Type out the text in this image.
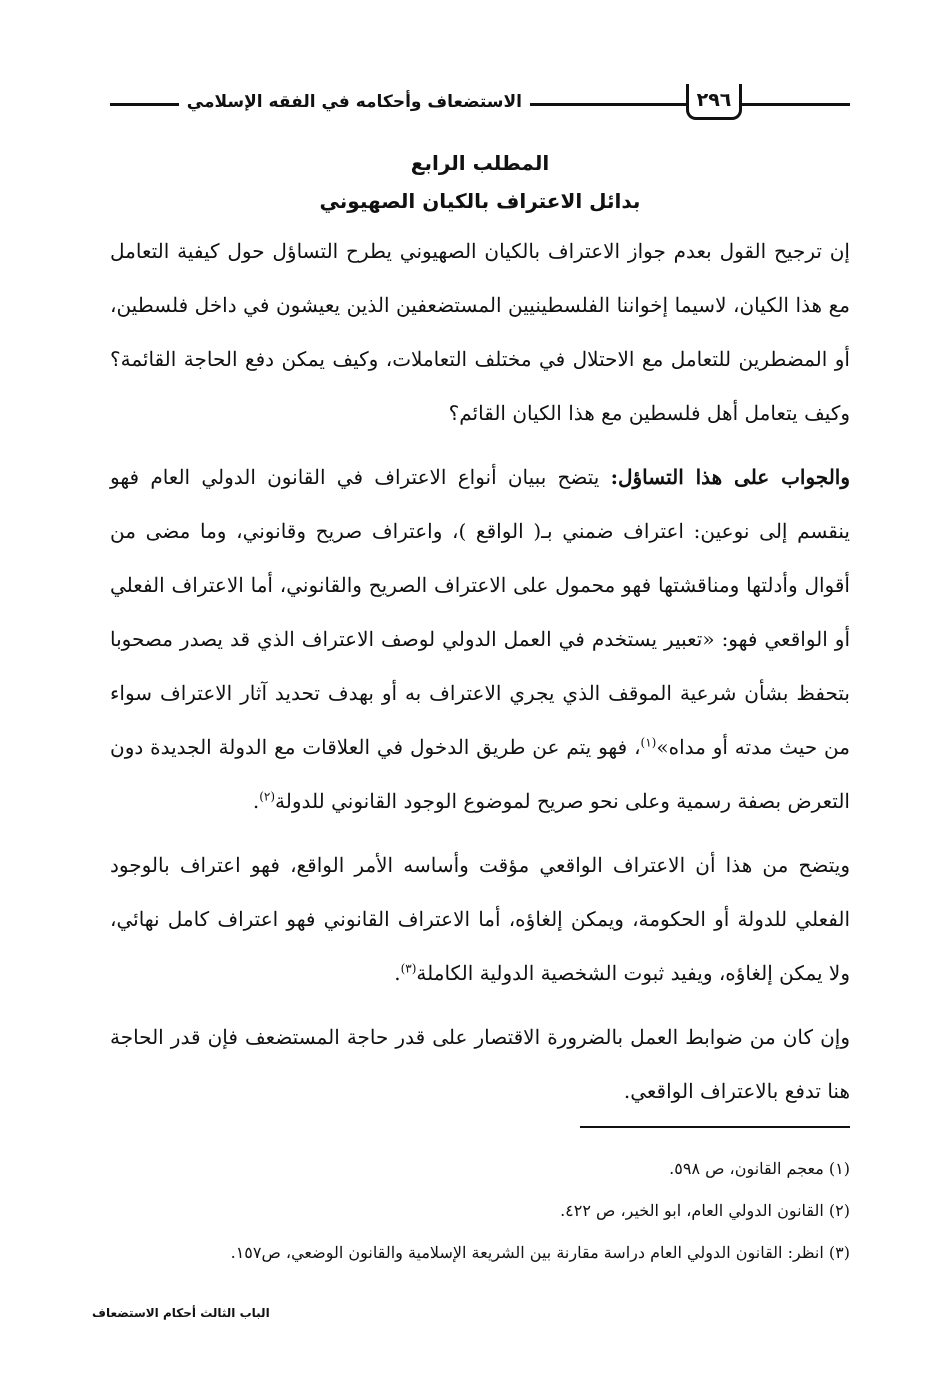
الاستضعاف وأحكامه في الفقه الإسلامي	٢٩٦
المطلب الرابع
بدائل الاعتراف بالكيان الصهيوني

إن ترجيح القول بعدم جواز الاعتراف بالكيان الصهيوني يطرح التساؤل حول كيفية التعامل مع هذا الكيان، لاسيما إخواننا الفلسطينيين المستضعفين الذين يعيشون في داخل فلسطين، أو المضطرين للتعامل مع الاحتلال في مختلف التعاملات، وكيف يمكن دفع الحاجة القائمة؟ وكيف يتعامل أهل فلسطين مع هذا الكيان القائم؟

والجواب على هذا التساؤل: يتضح ببيان أنواع الاعتراف في القانون الدولي العام فهو ينقسم إلى نوعين: اعتراف ضمني بـ( الواقع )، واعتراف صريح وقانوني، وما مضى من أقوال وأدلتها ومناقشتها فهو محمول على الاعتراف الصريح والقانوني، أما الاعتراف الفعلي أو الواقعي فهو: «تعبير يستخدم في العمل الدولي لوصف الاعتراف الذي قد يصدر مصحوبا بتحفظ بشأن شرعية الموقف الذي يجري الاعتراف به أو بهدف تحديد آثار الاعتراف سواء من حيث مدته أو مداه»$^{(١)}$، فهو يتم عن طريق الدخول في العلاقات مع الدولة الجديدة دون التعرض بصفة رسمية وعلى نحو صريح لموضوع الوجود القانوني للدولة$^{(٢)}$.

ويتضح من هذا أن الاعتراف الواقعي مؤقت وأساسه الأمر الواقع، فهو اعتراف بالوجود الفعلي للدولة أو الحكومة، ويمكن إلغاؤه، أما الاعتراف القانوني فهو اعتراف كامل نهائي، ولا يمكن إلغاؤه، ويفيد ثبوت الشخصية الدولية الكاملة$^{(٣)}$.

وإن كان من ضوابط العمل بالضرورة الاقتصار على قدر حاجة المستضعف فإن قدر الحاجة هنا تدفع بالاعتراف الواقعي.

(١) معجم القانون، ص ٥٩٨.
(٢) القانون الدولي العام، ابو الخير، ص ٤٢٢.
(٣) انظر: القانون الدولي العام دراسة مقارنة بين الشريعة الإسلامية والقانون الوضعي، ص١٥٧.
الباب الثالث أحكام الاستضعاف
